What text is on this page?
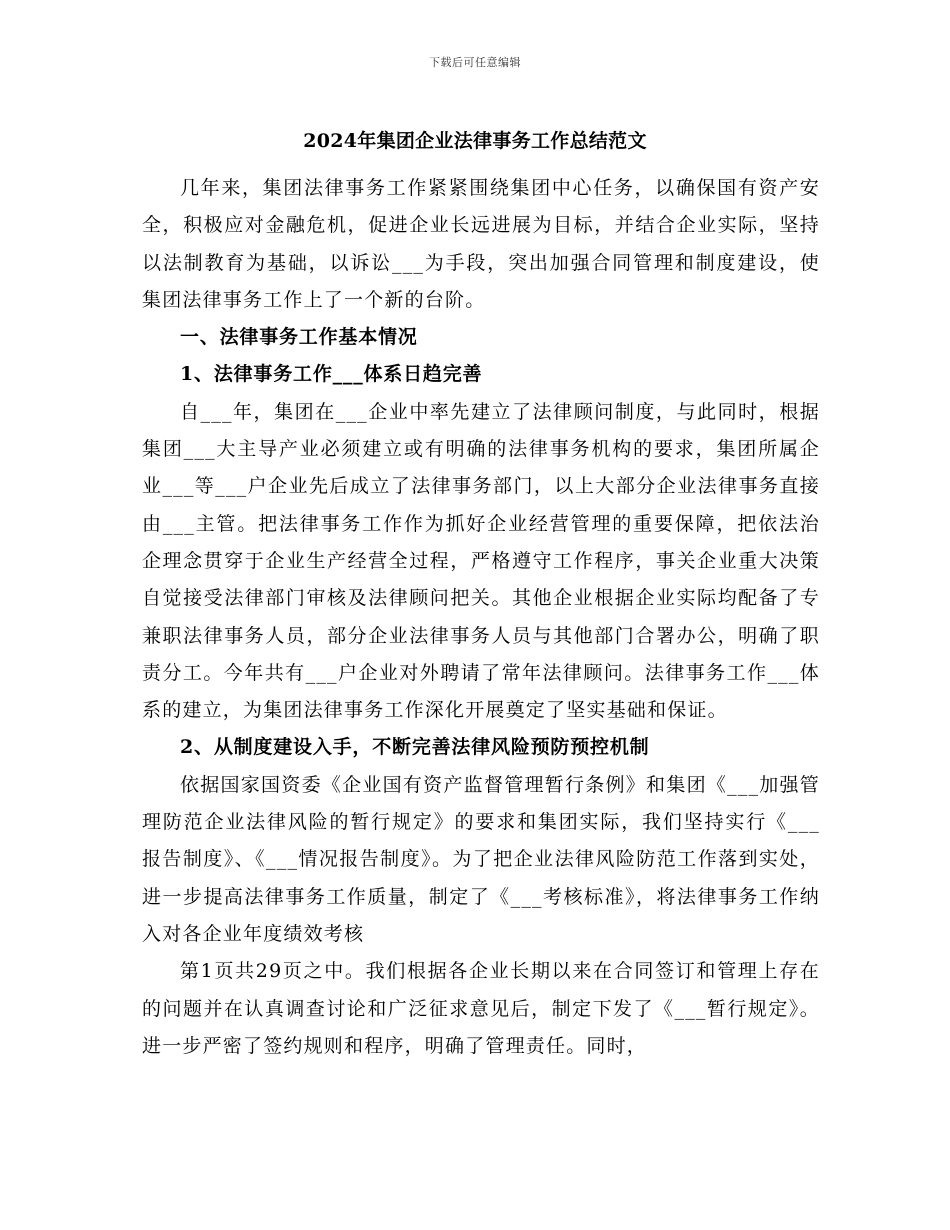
下载后可任意编辑
2024年集团企业法律事务工作总结范文

几年来，集团法律事务工作紧紧围绕集团中心任务，以确保国有资产安全，积极应对金融危机，促进企业长远进展为目标，并结合企业实际，坚持以法制教育为基础，以诉讼___为手段，突出加强合同管理和制度建设，使集团法律事务工作上了一个新的台阶。

一、法律事务工作基本情况

1、法律事务工作___体系日趋完善

自___年，集团在___企业中率先建立了法律顾问制度，与此同时，根据集团___大主导产业必须建立或有明确的法律事务机构的要求，集团所属企业___等___户企业先后成立了法律事务部门，以上大部分企业法律事务直接由___主管。把法律事务工作作为抓好企业经营管理的重要保障，把依法治企理念贯穿于企业生产经营全过程，严格遵守工作程序，事关企业重大决策自觉接受法律部门审核及法律顾问把关。其他企业根据企业实际均配备了专兼职法律事务人员，部分企业法律事务人员与其他部门合署办公，明确了职责分工。今年共有___户企业对外聘请了常年法律顾问。法律事务工作___体系的建立，为集团法律事务工作深化开展奠定了坚实基础和保证。

2、从制度建设入手，不断完善法律风险预防预控机制

依据国家国资委《企业国有资产监督管理暂行条例》和集团《___加强管理防范企业法律风险的暂行规定》的要求和集团实际，我们坚持实行《___报告制度》、《___情况报告制度》。为了把企业法律风险防范工作落到实处，进一步提高法律事务工作质量，制定了《___考核标准》，将法律事务工作纳入对各企业年度绩效考核

第1页共29页之中。我们根据各企业长期以来在合同签订和管理上存在的问题并在认真调查讨论和广泛征求意见后，制定下发了《___暂行规定》。进一步严密了签约规则和程序，明确了管理责任。同时，
